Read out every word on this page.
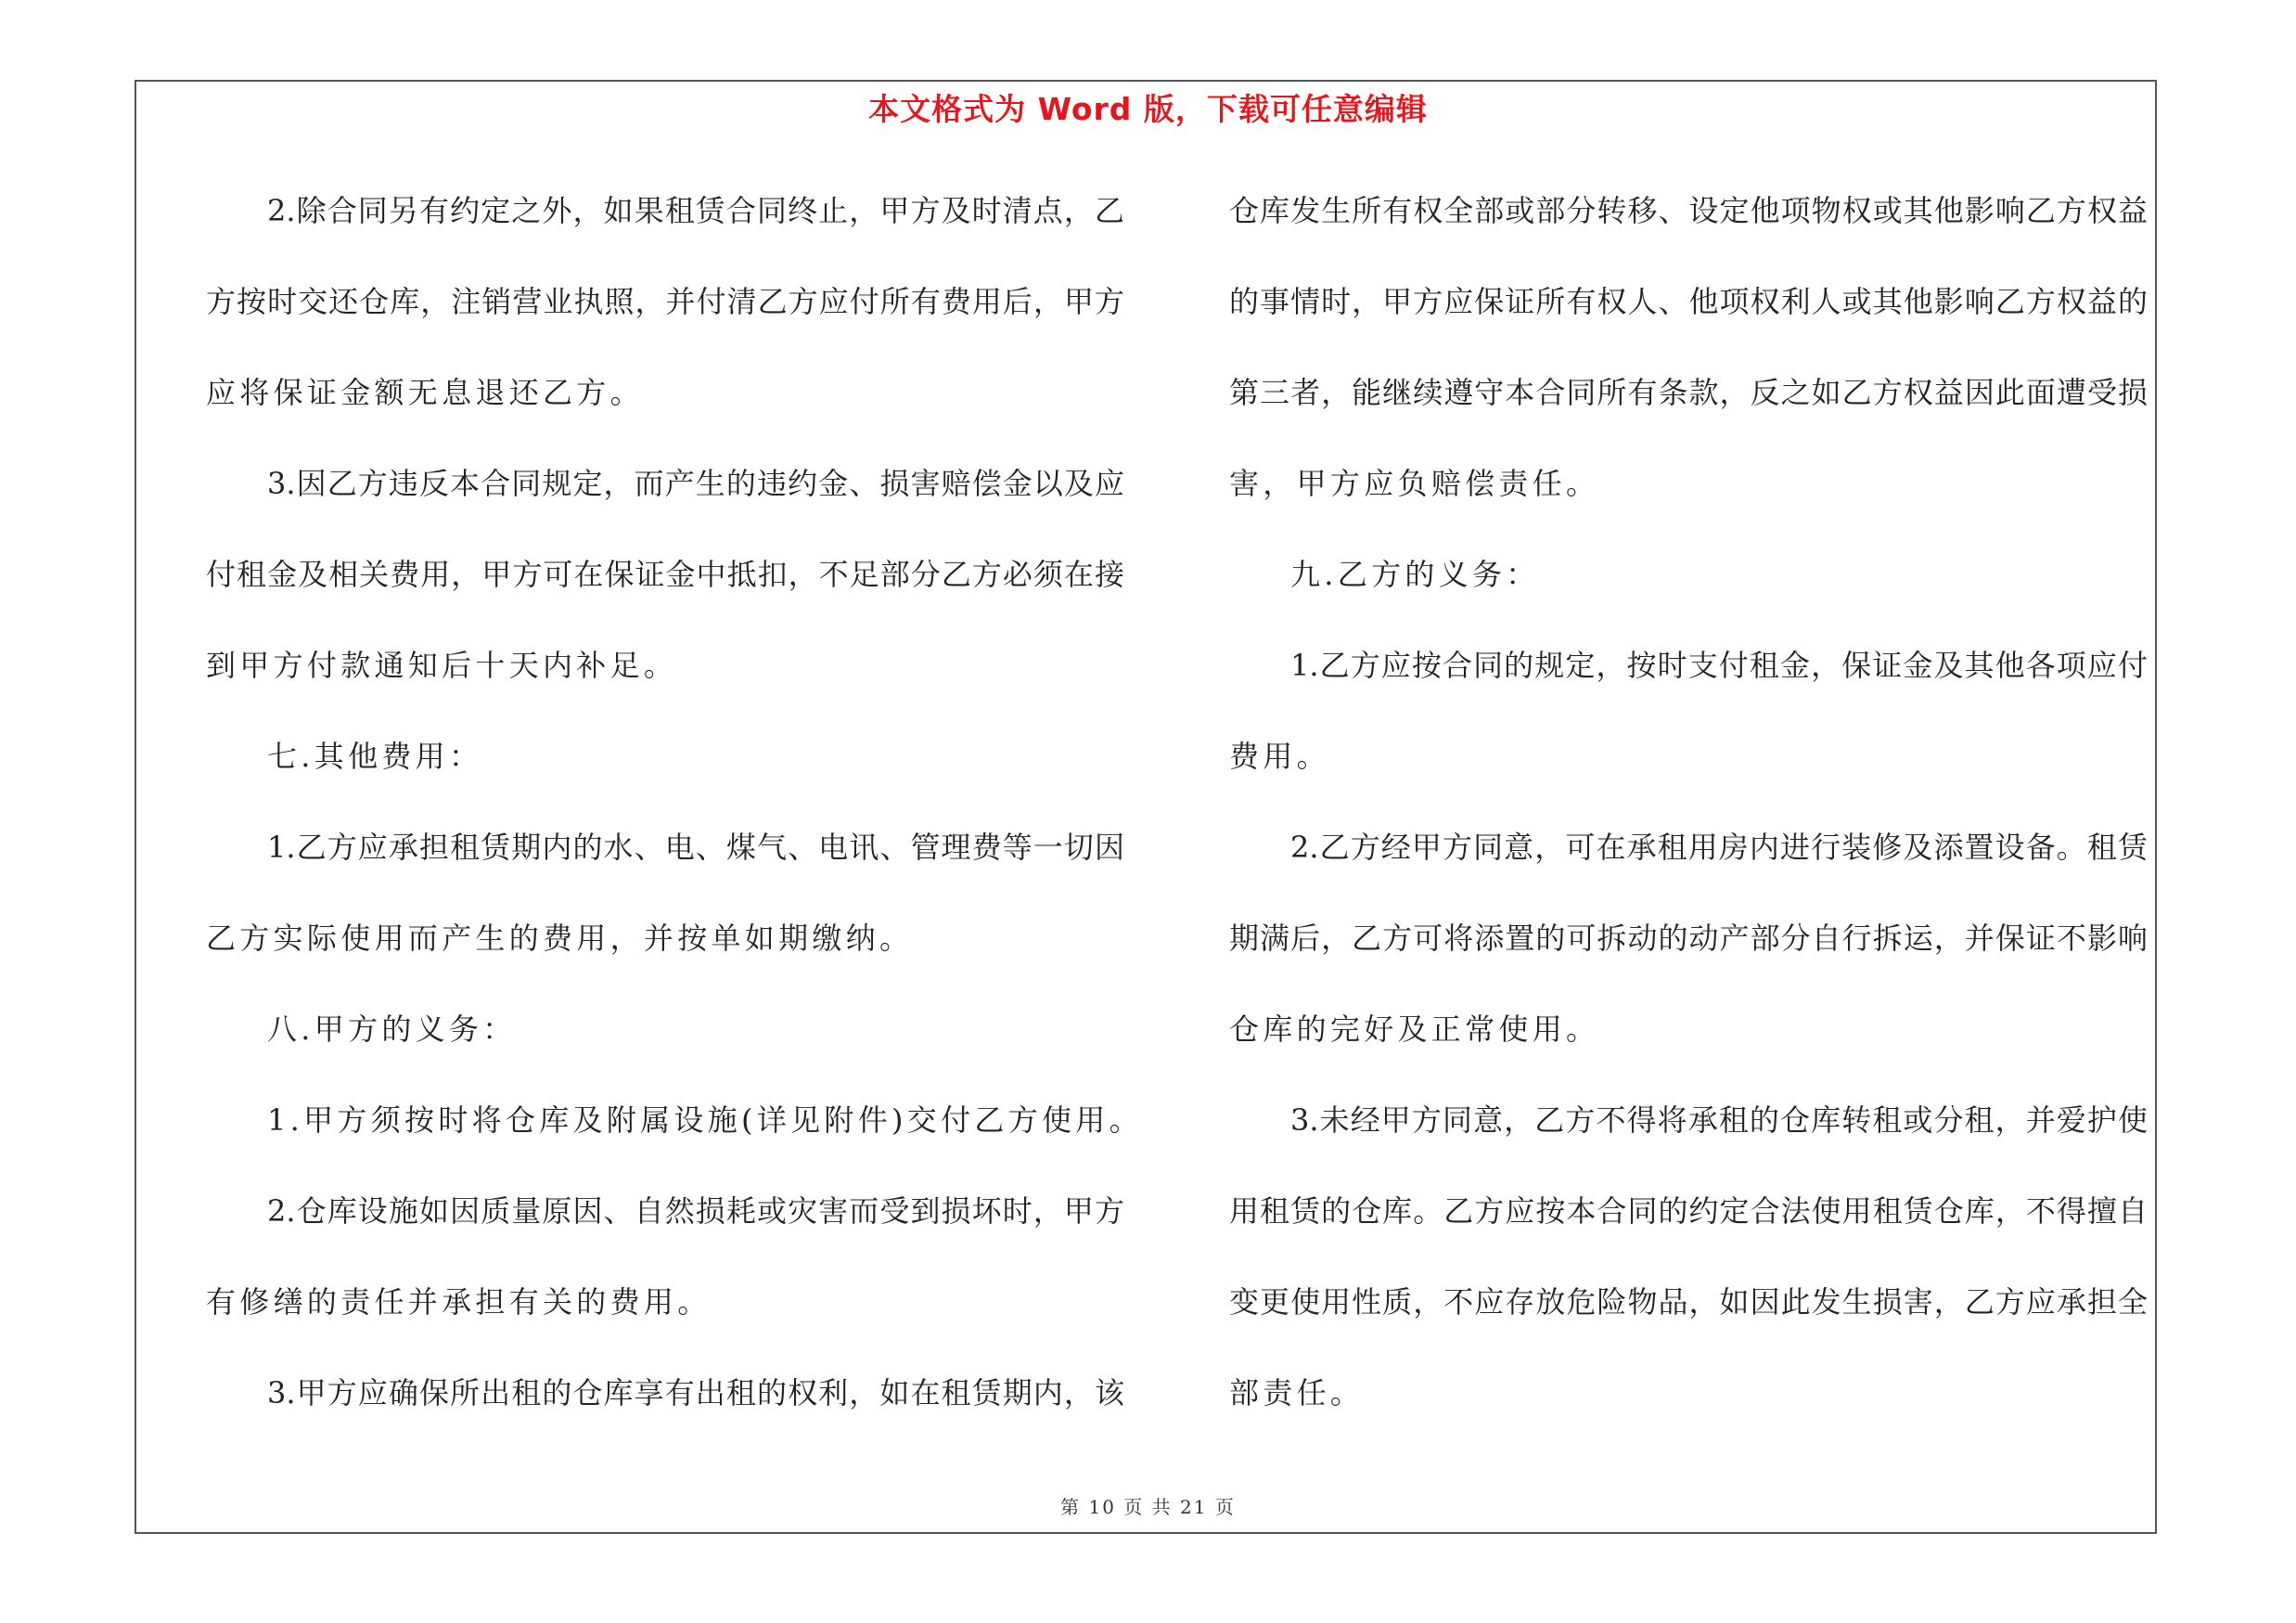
本文格式为 Word 版，下载可任意编辑
2.除合同另有约定之外，如果租赁合同终止，甲方及时清点，乙
方按时交还仓库，注销营业执照，并付清乙方应付所有费用后，甲方
应将保证金额无息退还乙方。
3.因乙方违反本合同规定，而产生的违约金、损害赔偿金以及应
付租金及相关费用，甲方可在保证金中抵扣，不足部分乙方必须在接
到甲方付款通知后十天内补足。
七.其他费用：
1.乙方应承担租赁期内的水、电、煤气、电讯、管理费等一切因
乙方实际使用而产生的费用，并按单如期缴纳。
八.甲方的义务：
1.甲方须按时将仓库及附属设施(详见附件)交付乙方使用。
2.仓库设施如因质量原因、自然损耗或灾害而受到损坏时，甲方
有修缮的责任并承担有关的费用。
3.甲方应确保所出租的仓库享有出租的权利，如在租赁期内，该
仓库发生所有权全部或部分转移、设定他项物权或其他影响乙方权益
的事情时，甲方应保证所有权人、他项权利人或其他影响乙方权益的
第三者，能继续遵守本合同所有条款，反之如乙方权益因此面遭受损
害，甲方应负赔偿责任。
九.乙方的义务：
1.乙方应按合同的规定，按时支付租金，保证金及其他各项应付
费用。
2.乙方经甲方同意，可在承租用房内进行装修及添置设备。租赁
期满后，乙方可将添置的可拆动的动产部分自行拆运，并保证不影响
仓库的完好及正常使用。
3.未经甲方同意，乙方不得将承租的仓库转租或分租，并爱护使
用租赁的仓库。乙方应按本合同的约定合法使用租赁仓库，不得擅自
变更使用性质，不应存放危险物品，如因此发生损害，乙方应承担全
部责任。
第 10 页 共 21 页
